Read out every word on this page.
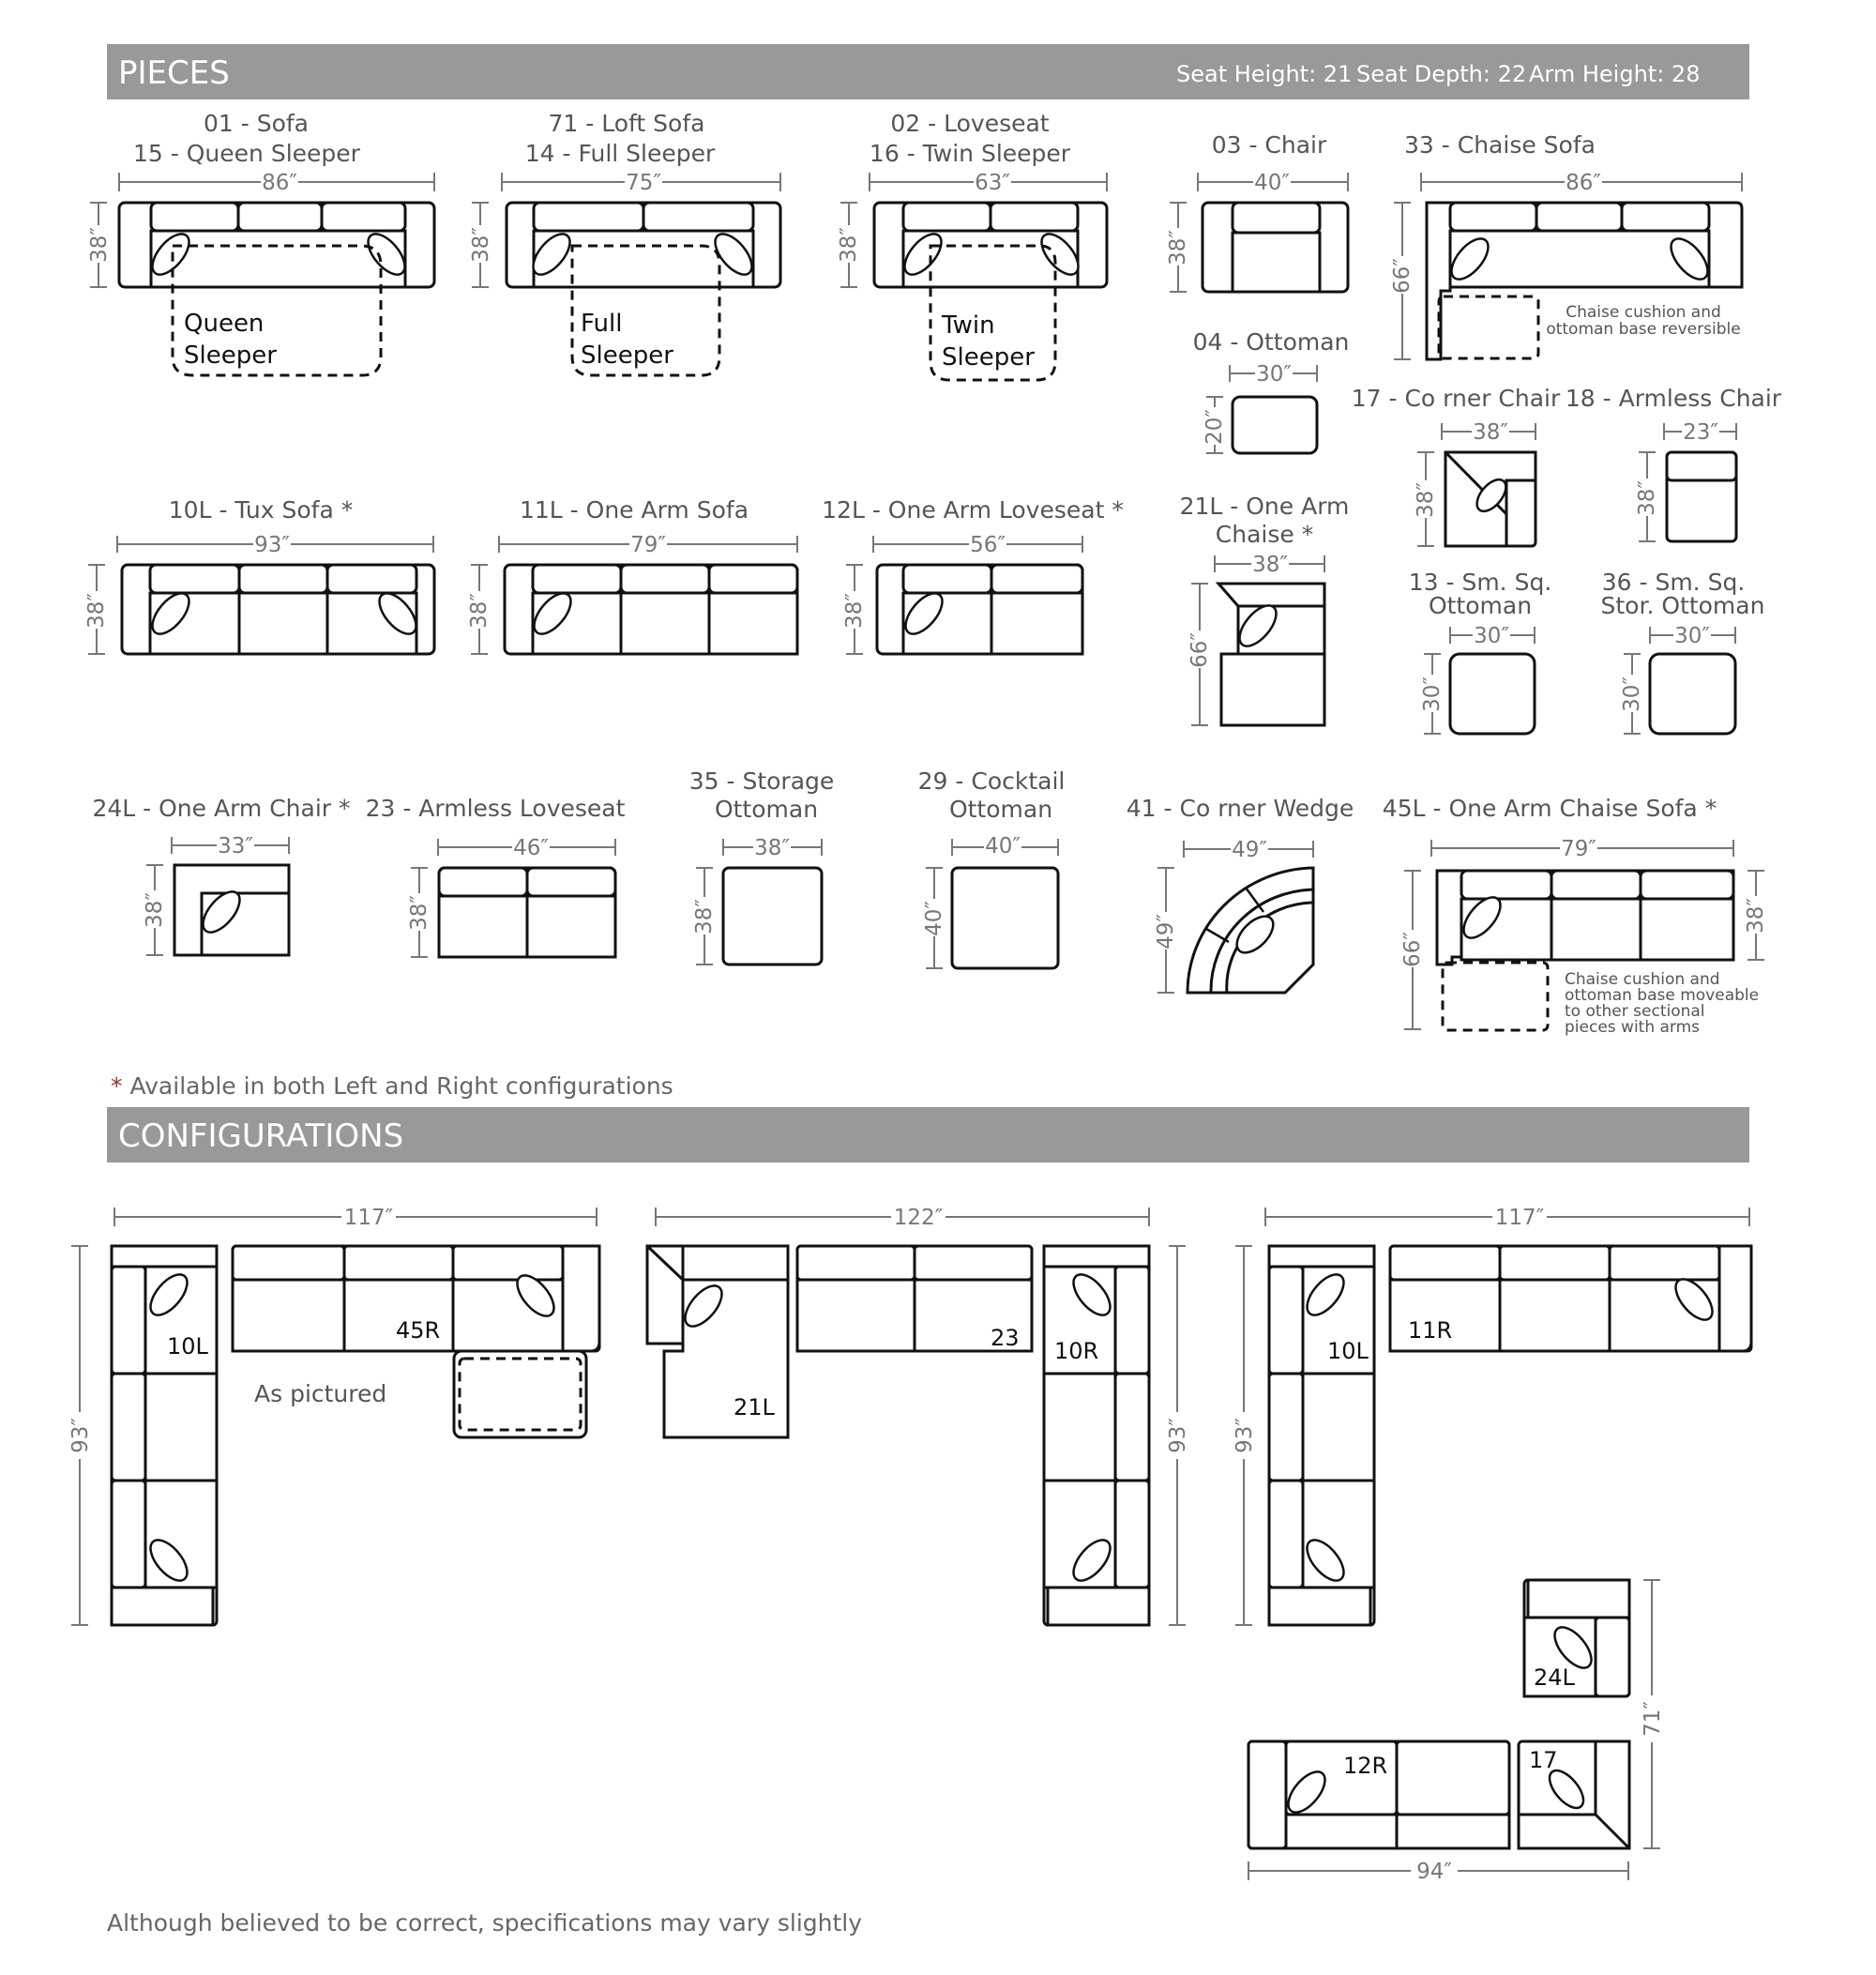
PIECES	Seat Height: 21 Seat Depth: 22 Arm Height: 28
01 - Sofa
15 - Queen Sleeper
86″
38″
Queen
Sleeper
71 - Loft Sofa
14 - Full Sleeper
75″
38″
Full
Sleeper
02 - Loveseat
16 - Twin Sleeper
63″
38″
Twin
Sleeper
03 - Chair
40″
38″
33 - Chaise Sofa
86″
66″
Chaise cushion and
ottoman base reversible
04 - Ottoman
30″
20″
17 - Co rner Chair
38″
38″
18 - Armless Chair
23″
38″
10L - Tux Sofa *
93″
38″
11L - One Arm Sofa
79″
38″
12L - One Arm Loveseat *
56″
38″
21L - One Arm
Chaise *
38″
66″
13 - Sm. Sq.
Ottoman
30″
30″
36 - Sm. Sq.
Stor. Ottoman
30″
30″
24L - One Arm Chair *
33″
38″
23 - Armless Loveseat
46″
38″
35 - Storage
Ottoman
38″
38″
29 - Cocktail
Ottoman
40″
40″
41 - Co rner Wedge
49″
49″
45L - One Arm Chaise Sofa *
79″
66″
38″
Chaise cushion and
ottoman base moveable
to other sectional
pieces with arms
* Available in both Left and Right configurations
CONFIGURATIONS
117″
93″
10L
45R
As pictured
122″
93″
21L
23 10R
117″
93″
10L
11R
94″
71″
24L
12R	17
Although believed to be correct, specifications may vary slightly
